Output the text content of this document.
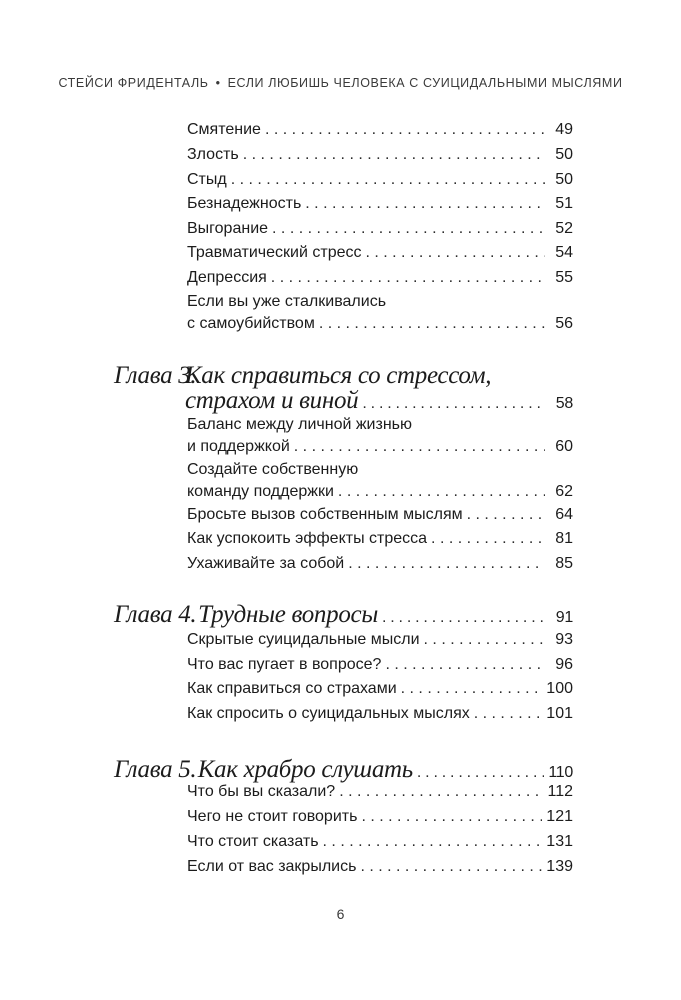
СТЕЙСИ ФРИДЕНТАЛЬ • ЕСЛИ ЛЮБИШЬ ЧЕЛОВЕКА С СУИЦИДАЛЬНЫМИ МЫСЛЯМИ
Смятение . . .	49
Злость . . .	50
Стыд . . .	50
Безнадежность . . .	51
Выгорание . . .	52
Травматический стресс . . .	54
Депрессия . . .	55
Если вы уже сталкивались
с самоубийством . . .	56
Глава 3.
Как справиться со стрессом,
страхом и виной . . .	58
Баланс между личной жизнью
и поддержкой . . .	60
Создайте собственную
команду поддержки . . .	62
Бросьте вызов собственным мыслям . . .	64
Как успокоить эффекты стресса . . .	81
Ухаживайте за собой . . .	85
Глава 4. Трудные вопросы . . .	91
Скрытые суицидальные мысли . . .	93
Что вас пугает в вопросе? . . .	96
Как справиться со страхами . . .	100
Как спросить о суицидальных мыслях . . .	101
Глава 5. Как храбро слушать . . .	110
Что бы вы сказали? . . .	112
Чего не стоит говорить . . .	121
Что стоит сказать . . .	131
Если от вас закрылись . . .	139
6
